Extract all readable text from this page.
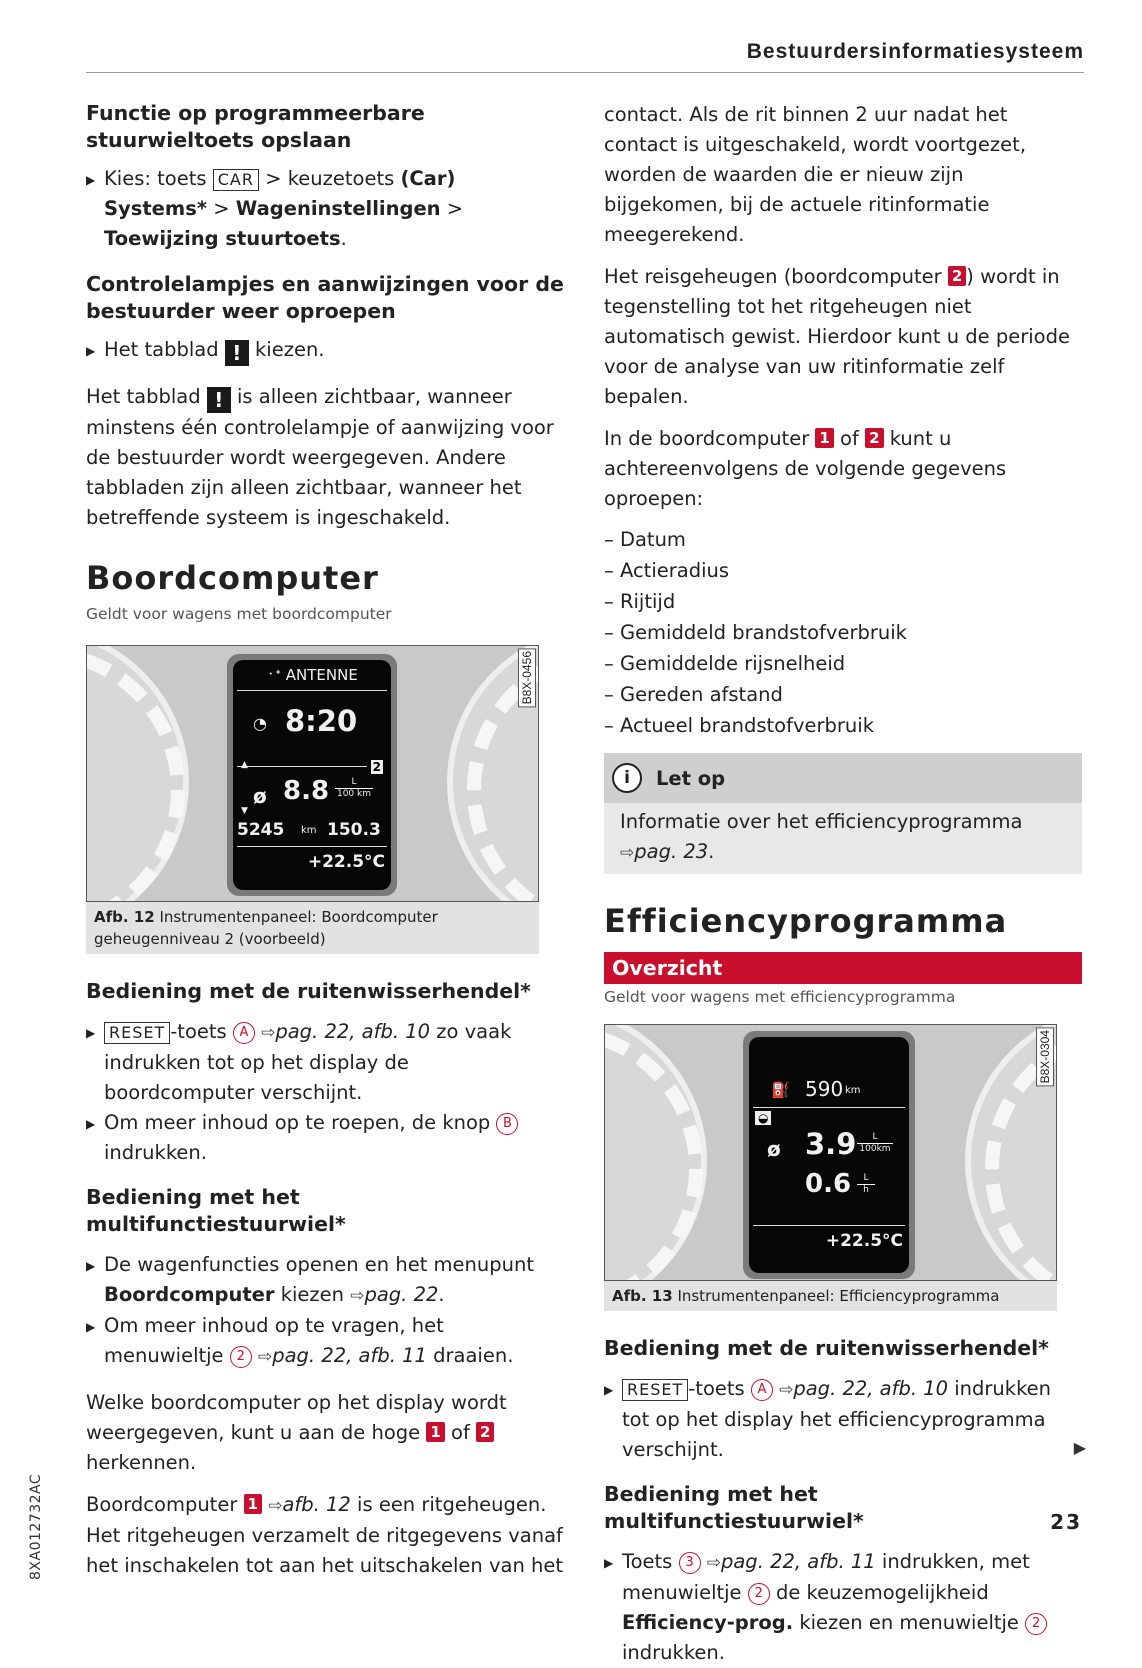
Bestuurdersinformatiesysteem
Functie op programmeerbare stuurwieltoets opslaan
▶ Kies: toets CAR > keuzetoets (Car) Systems* > Wageninstellingen > Toewijzing stuurtoets.
Controlelampjes en aanwijzingen voor de bestuurder weer oproepen
▶ Het tabblad ! kiezen.

Het tabblad ! is alleen zichtbaar, wanneer minstens één controlelampje of aanwijzing voor de bestuurder wordt weergegeven. Andere tabbladen zijn alleen zichtbaar, wanneer het betreffende systeem is ingeschakeld.

Boordcomputer

Geldt voor wagens met boordcomputer

᛫ᐩ ANTENNE
◔ 8:20
2
▲
ø 8.8	L
100 km
▼
5245 km 150.3
+22.5°C
B8X-0456
Afb. 12 Instrumentenpaneel: Boordcomputer geheugenniveau 2 (voorbeeld)
Bediening met de ruitenwisserhendel*
▶ RESET -toets A ⇨pag. 22, afb. 10 zo vaak indrukken tot op het display de boordcomputer verschijnt.
▶ Om meer inhoud op te roepen, de knop B indrukken.
Bediening met het multifunctiestuurwiel*
▶ De wagenfuncties openen en het menupunt Boordcomputer kiezen ⇨pag. 22.
▶ Om meer inhoud op te vragen, het menuwieltje 2 ⇨pag. 22, afb. 11 draaien.

Welke boordcomputer op het display wordt weergegeven, kunt u aan de hoge 1 of 2 herkennen.

Boordcomputer 1 ⇨afb. 12 is een ritgeheugen. Het ritgeheugen verzamelt de ritgegevens vanaf het inschakelen tot aan het uitschakelen van het

contact. Als de rit binnen 2 uur nadat het contact is uitgeschakeld, wordt voortgezet, worden de waarden die er nieuw zijn bijgekomen, bij de actuele ritinformatie meegerekend.

Het reisgeheugen (boordcomputer 2 ) wordt in tegenstelling tot het ritgeheugen niet automatisch gewist. Hierdoor kunt u de periode voor de analyse van uw ritinformatie zelf bepalen.

In de boordcomputer 1 of 2 kunt u achtereenvolgens de volgende gegevens oproepen:

– Datum
– Actieradius
– Rijtijd
– Gemiddeld brandstofverbruik
– Gemiddelde rijsnelheid
– Gereden afstand
– Actueel brandstofverbruik
i	Let op
Informatie over het efficiencyprogramma
⇨pag. 23.
Efficiencyprogramma
Overzicht

Geldt voor wagens met efficiencyprogramma

⛽ 590 km
◒
ø 3.9	L
100km
0.6	L
h
+22.5°C
B8X-0304
Afb. 13 Instrumentenpaneel: Efficiencyprogramma
Bediening met de ruitenwisserhendel*
▶ RESET -toets A ⇨pag. 22, afb. 10 indrukken tot op het display het efficiencyprogramma verschijnt.
Bediening met het multifunctiestuurwiel*
▶ Toets 3 ⇨pag. 22, afb. 11 indrukken, met menuwieltje 2 de keuzemogelijkheid Efficiency-prog. kiezen en menuwieltje 2 indrukken.
▶
8XA012732AC	23
